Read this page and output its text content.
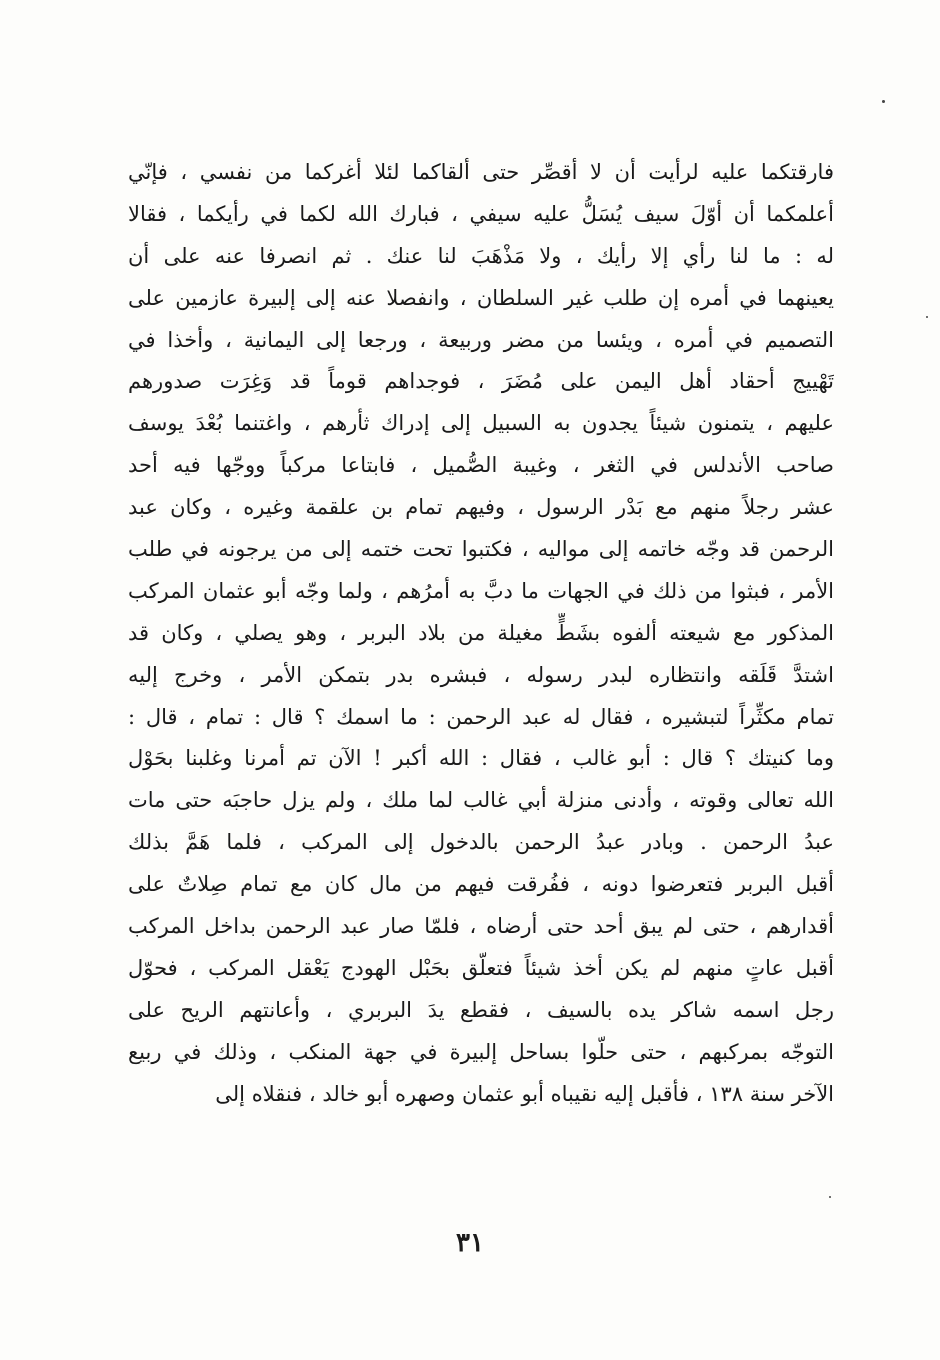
فارقتكما عليه لرأيت أن لا أقصِّر حتى ألقاكما لئلا أغركما من نفسي ، فإنّي
أعلمكما أن أوّلَ سيف يُسَلُّ عليه سيفي ، فبارك الله لكما في رأيكما ، فقالا
له : ما لنا رأي إلا رأيك ، ولا مَذْهَبَ لنا عنك . ثم انصرفا عنه على أن
يعينهما في أمره إن طلب غير السلطان ، وانفصلا عنه إلى إلبيرة عازمين على
التصميم في أمره ، ويئسا من مضر وربيعة ، ورجعا إلى اليمانية ، وأخذا في
تَهْييج أحقاد أهل اليمن على مُضَرَ ، فوجداهم قوماً قد وَغِرَت صدورهم
عليهم ، يتمنون شيئاً يجدون به السبيل إلى إدراك ثأرهم ، واغتنما بُعْدَ يوسف
صاحب الأندلس في الثغر ، وغيبة الصُّميل ، فابتاعا مركباً ووجّها فيه أحد
عشر رجلاً منهم مع بَدْر الرسول ، وفيهم تمام بن علقمة وغيره ، وكان عبد
الرحمن قد وجّه خاتمه إلى مواليه ، فكتبوا تحت ختمه إلى من يرجونه في طلب
الأمر ، فبثوا من ذلك في الجهات ما دبَّ به أمرُهم ، ولما وجّه أبو عثمان المركب
المذكور مع شيعته ألفوه بشَطٍّ مغيلة من بلاد البربر ، وهو يصلي ، وكان قد
اشتدَّ قَلَقه وانتظاره لبدر رسوله ، فبشره بدر بتمكن الأمر ، وخرج إليه
تمام مكثِّراً لتبشيره ، فقال له عبد الرحمن : ما اسمك ؟ قال : تمام ، قال :
وما كنيتك ؟ قال : أبو غالب ، فقال : الله أكبر ! الآن تم أمرنا وغلبنا بحَوْل
الله تعالى وقوته ، وأدنى منزلة أبي غالب لما ملك ، ولم يزل حاجبَه حتى مات
عبدُ الرحمن . وبادر عبدُ الرحمن بالدخول إلى المركب ، فلما هَمَّ بذلك
أقبل البربر فتعرضوا دونه ، ففُرقت فيهم من مال كان مع تمام صِلاتٌ على
أقدارهم ، حتى لم يبق أحد حتى أرضاه ، فلمّا صار عبد الرحمن بداخل المركب
أقبل عاتٍ منهم لم يكن أخذ شيئاً فتعلّق بحَبْل الهودج يَعْقل المركب ، فحوّل
رجل اسمه شاكر يده بالسيف ، فقطع يدَ البربري ، وأعانتهم الريح على
التوجّه بمركبهم ، حتى حلّوا بساحل إلبيرة في جهة المنكب ، وذلك في ربيع
الآخر سنة ١٣٨ ، فأقبل إليه نقيباه أبو عثمان وصهره أبو خالد ، فنقلاه إلى
٣١
